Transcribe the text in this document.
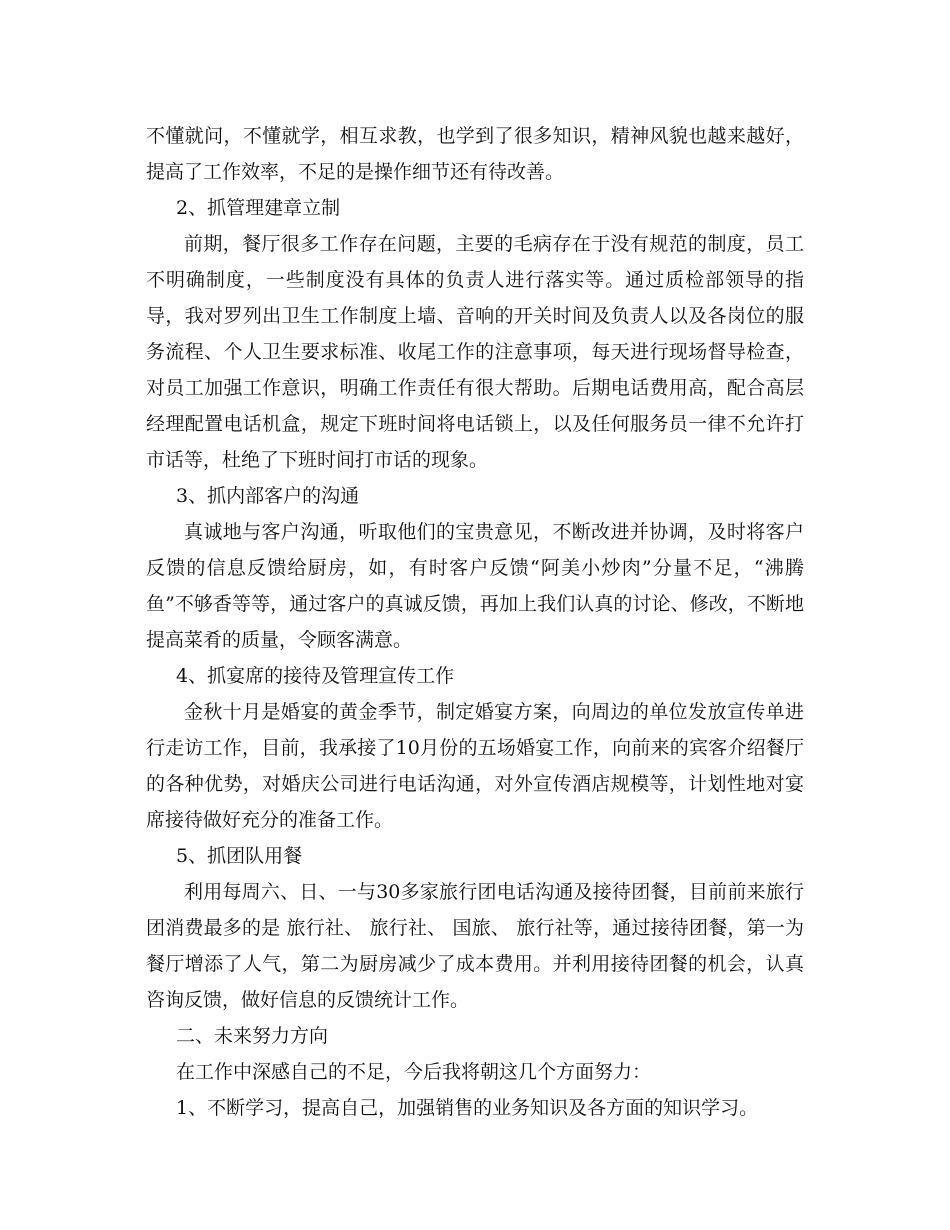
不懂就问，不懂就学，相互求教，也学到了很多知识，精神风貌也越来越好，提高了工作效率，不足的是操作细节还有待改善。

2、抓管理建章立制

前期，餐厅很多工作存在问题，主要的毛病存在于没有规范的制度，员工不明确制度，一些制度没有具体的负责人进行落实等。通过质检部领导的指导，我对罗列出卫生工作制度上墙、音响的开关时间及负责人以及各岗位的服务流程、个人卫生要求标准、收尾工作的注意事项，每天进行现场督导检查，对员工加强工作意识，明确工作责任有很大帮助。后期电话费用高，配合高层经理配置电话机盒，规定下班时间将电话锁上，以及任何服务员一律不允许打市话等，杜绝了下班时间打市话的现象。

3、抓内部客户的沟通

真诚地与客户沟通，听取他们的宝贵意见，不断改进并协调，及时将客户反馈的信息反馈给厨房，如，有时客户反馈“阿美小炒肉”分量不足，“沸腾鱼”不够香等等，通过客户的真诚反馈，再加上我们认真的讨论、修改，不断地提高菜肴的质量，令顾客满意。

4、抓宴席的接待及管理宣传工作

金秋十月是婚宴的黄金季节，制定婚宴方案，向周边的单位发放宣传单进行走访工作，目前，我承接了10月份的五场婚宴工作，向前来的宾客介绍餐厅的各种优势，对婚庆公司进行电话沟通，对外宣传酒店规模等，计划性地对宴席接待做好充分的准备工作。

5、抓团队用餐

利用每周六、日、一与30多家旅行团电话沟通及接待团餐，目前前来旅行团消费最多的是 旅行社、 旅行社、 国旅、 旅行社等，通过接待团餐，第一为餐厅增添了人气，第二为厨房减少了成本费用。并利用接待团餐的机会，认真咨询反馈，做好信息的反馈统计工作。

二、未来努力方向

在工作中深感自己的不足，今后我将朝这几个方面努力：

1、不断学习，提高自己，加强销售的业务知识及各方面的知识学习。
